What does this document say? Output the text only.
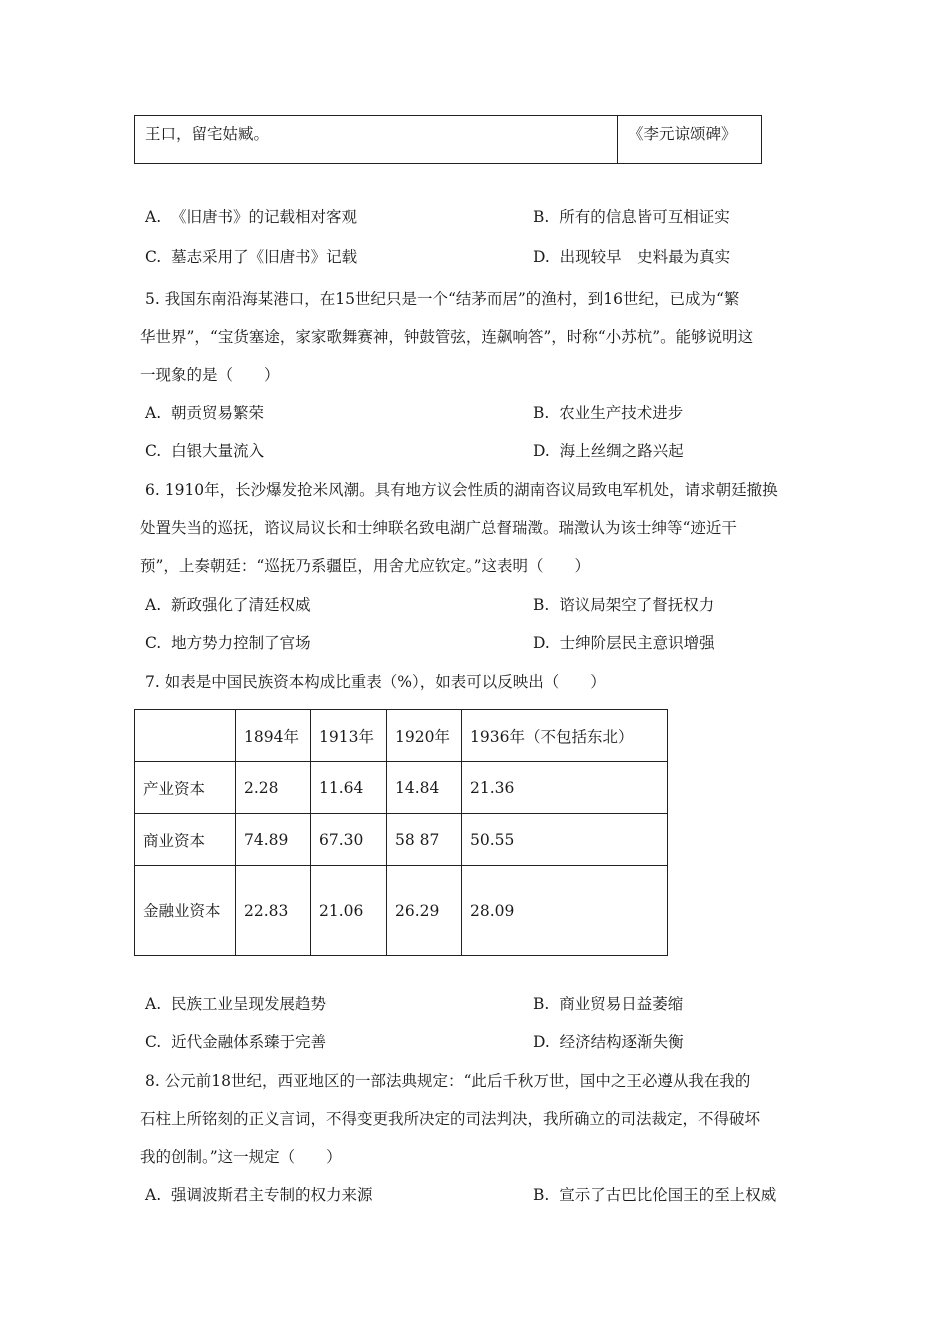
王口，留宅姑臧。	《李元谅颂碑》
A. 《旧唐书》的记载相对客观	B. 所有的信息皆可互相证实
C. 墓志采用了《旧唐书》记载	D. 出现较早　史料最为真实
5. 我国东南沿海某港口，在15世纪只是一个“结茅而居”的渔村，到16世纪，已成为“繁
华世界”，“宝货塞途，家家歌舞赛神，钟鼓管弦，连飙响答”，时称“小苏杭”。能够说明这
一现象的是（　　）
A. 朝贡贸易繁荣	B. 农业生产技术进步
C. 白银大量流入	D. 海上丝绸之路兴起
6. 1910年，长沙爆发抢米风潮。具有地方议会性质的湖南咨议局致电军机处，请求朝廷撤换
处置失当的巡抚，谘议局议长和士绅联名致电湖广总督瑞澂。瑞澂认为该士绅等“迹近干
预”，上奏朝廷：“巡抚乃系疆臣，用舍尤应钦定。”这表明（　　）
A. 新政强化了清廷权威	B. 谘议局架空了督抚权力
C. 地方势力控制了官场	D. 士绅阶层民主意识增强
7. 如表是中国民族资本构成比重表（%），如表可以反映出（　　）
	1894年	1913年	1920年	1936年（不包括东北）
产业资本	2.28	11.64	14.84	21.36
商业资本	74.89	67.30	58 87	50.55

金融业资本	22.83	21.06	26.29	28.09
A. 民族工业呈现发展趋势	B. 商业贸易日益萎缩
C. 近代金融体系臻于完善	D. 经济结构逐渐失衡
8. 公元前18世纪，西亚地区的一部法典规定：“此后千秋万世，国中之王必遵从我在我的
石柱上所铭刻的正义言词，不得变更我所决定的司法判决，我所确立的司法裁定，不得破坏
我的创制。”这一规定（　　）
A. 强调波斯君主专制的权力来源	B. 宣示了古巴比伦国王的至上权威
